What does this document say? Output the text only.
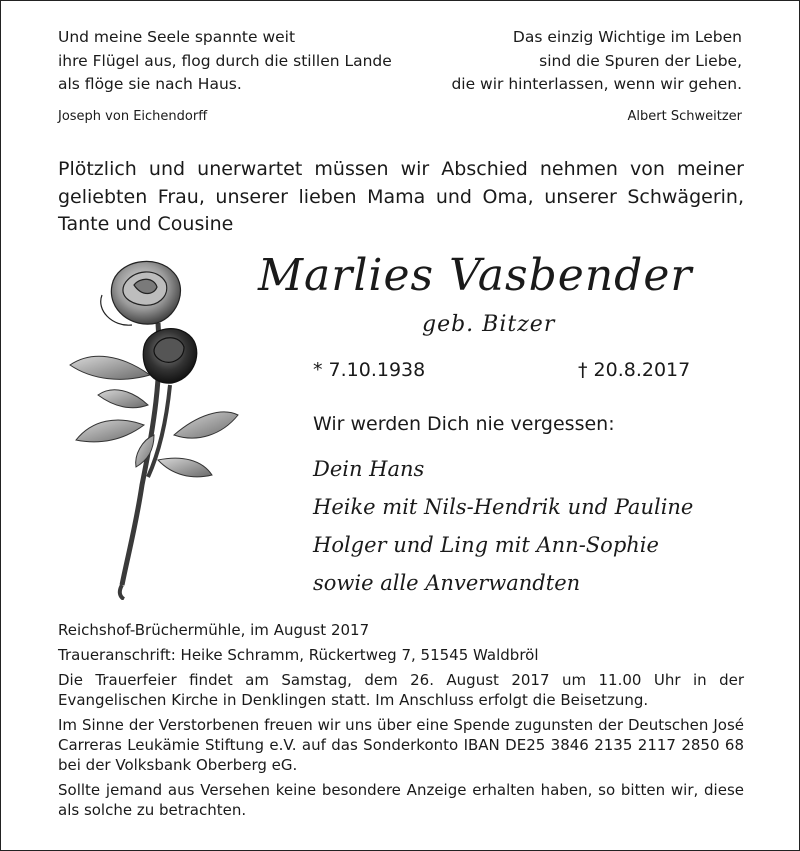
Und meine Seele spannte weit
ihre Flügel aus, flog durch die stillen Lande
als flöge sie nach Haus.
Joseph von Eichendorff
Das einzig Wichtige im Leben
sind die Spuren der Liebe,
die wir hinterlassen, wenn wir gehen.
Albert Schweitzer
Plötzlich und unerwartet müssen wir Abschied nehmen von meiner geliebten Frau, unserer lieben Mama und Oma, unserer Schwägerin, Tante und Cousine
Marlies Vasbender
geb. Bitzer
* 7.10.1938	† 20.8.2017
Wir werden Dich nie vergessen:
Dein Hans
Heike mit Nils-Hendrik und Pauline
Holger und Ling mit Ann-Sophie
sowie alle Anverwandten

Reichshof-Brüchermühle, im August 2017

Traueranschrift: Heike Schramm, Rückertweg 7, 51545 Waldbröl

Die Trauerfeier findet am Samstag, dem 26. August 2017 um 11.00 Uhr in der Evangelischen Kirche in Denklingen statt. Im Anschluss erfolgt die Beisetzung.

Im Sinne der Verstorbenen freuen wir uns über eine Spende zugunsten der Deutschen José Carreras Leukämie Stiftung e.V. auf das Sonderkonto IBAN DE25 3846 2135 2117 2850 68 bei der Volksbank Oberberg eG.

Sollte jemand aus Versehen keine besondere Anzeige erhalten haben, so bitten wir, diese als solche zu betrachten.
